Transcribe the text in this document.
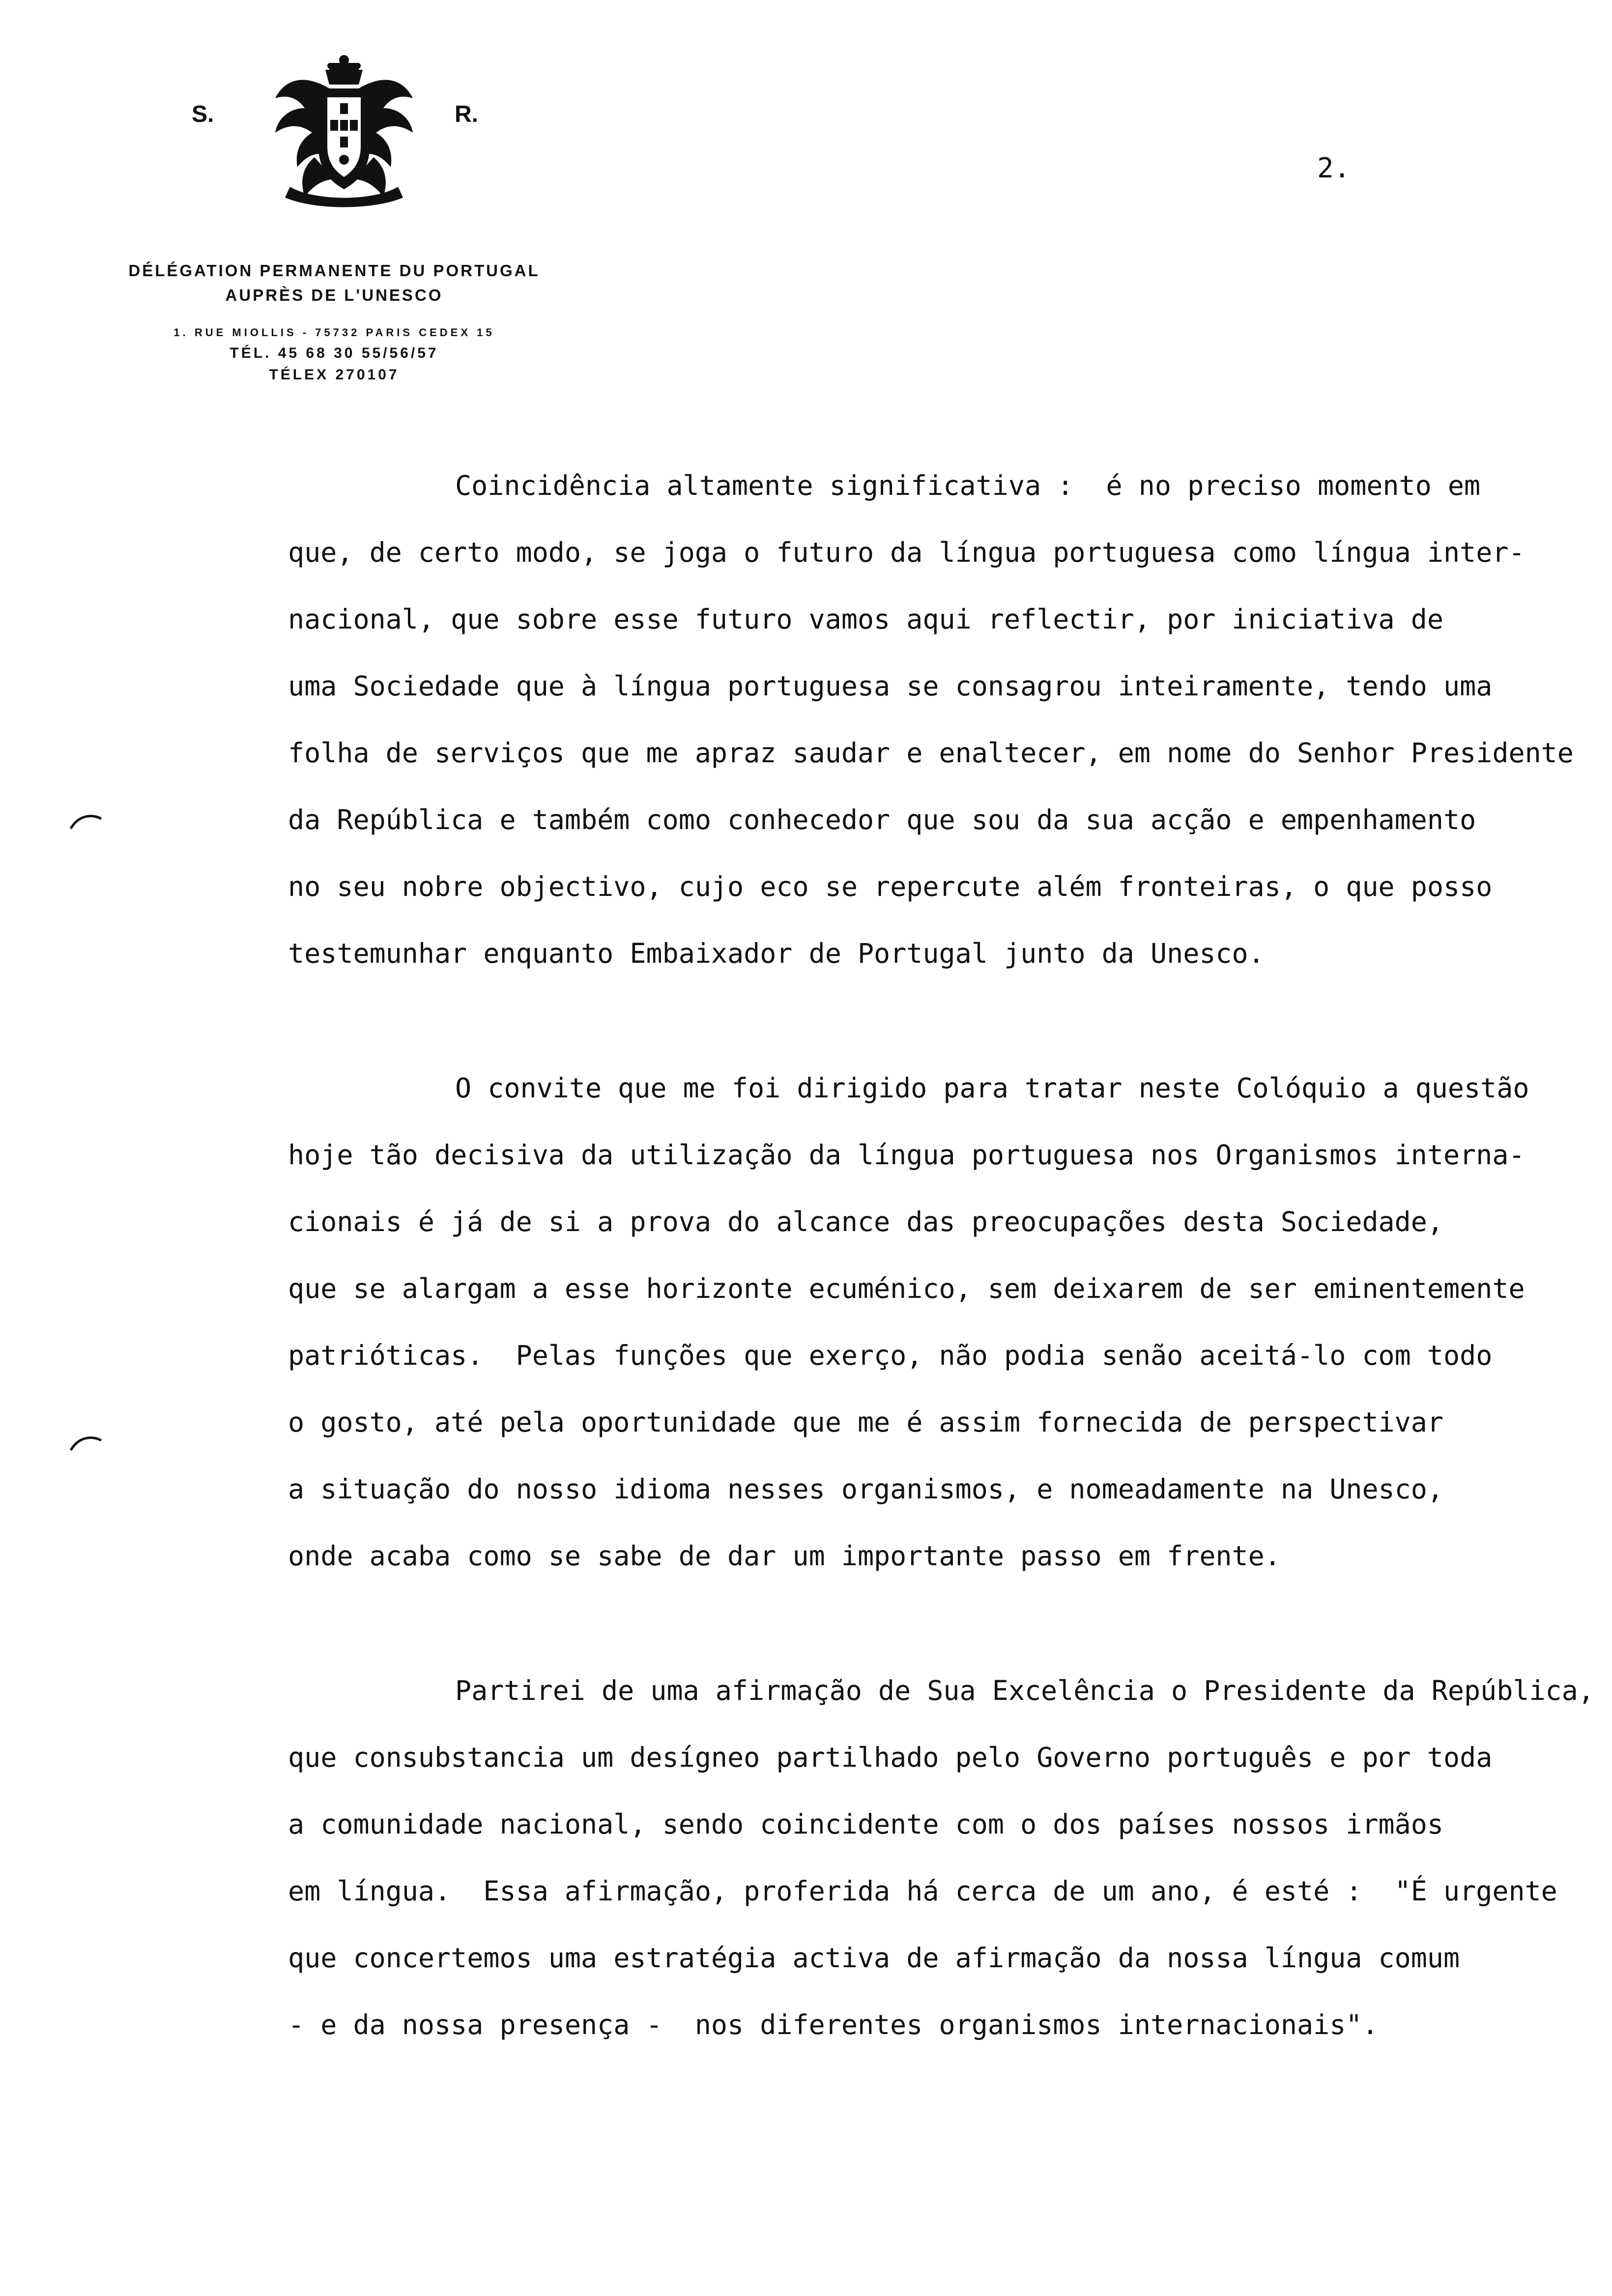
S.	R.
DÉLÉGATION PERMANENTE DU PORTUGAL
AUPRÈS DE L'UNESCO
1. RUE MIOLLIS - 75732 PARIS CEDEX 15
TÉL. 45 68 30 55/56/57
TÉLEX 270107
2.
Coincidência altamente significativa :  é no preciso momento em
que, de certo modo, se joga o futuro da língua portuguesa como língua inter-
nacional, que sobre esse futuro vamos aqui reflectir, por iniciativa de
uma Sociedade que à língua portuguesa se consagrou inteiramente, tendo uma
folha de serviços que me apraz saudar e enaltecer, em nome do Senhor Presidente
da República e também como conhecedor que sou da sua acção e empenhamento
no seu nobre objectivo, cujo eco se repercute além fronteiras, o que posso
testemunhar enquanto Embaixador de Portugal junto da Unesco.
O convite que me foi dirigido para tratar neste Colóquio a questão
hoje tão decisiva da utilização da língua portuguesa nos Organismos interna-
cionais é já de si a prova do alcance das preocupações desta Sociedade,
que se alargam a esse horizonte ecuménico, sem deixarem de ser eminentemente
patrióticas.  Pelas funções que exerço, não podia senão aceitá-lo com todo
o gosto, até pela oportunidade que me é assim fornecida de perspectivar
a situação do nosso idioma nesses organismos, e nomeadamente na Unesco,
onde acaba como se sabe de dar um importante passo em frente.
Partirei de uma afirmação de Sua Excelência o Presidente da República,
que consubstancia um desígneo partilhado pelo Governo português e por toda
a comunidade nacional, sendo coincidente com o dos países nossos irmãos
em língua.  Essa afirmação, proferida há cerca de um ano, é esté :  "É urgente
que concertemos uma estratégia activa de afirmação da nossa língua comum
- e da nossa presença -  nos diferentes organismos internacionais".
